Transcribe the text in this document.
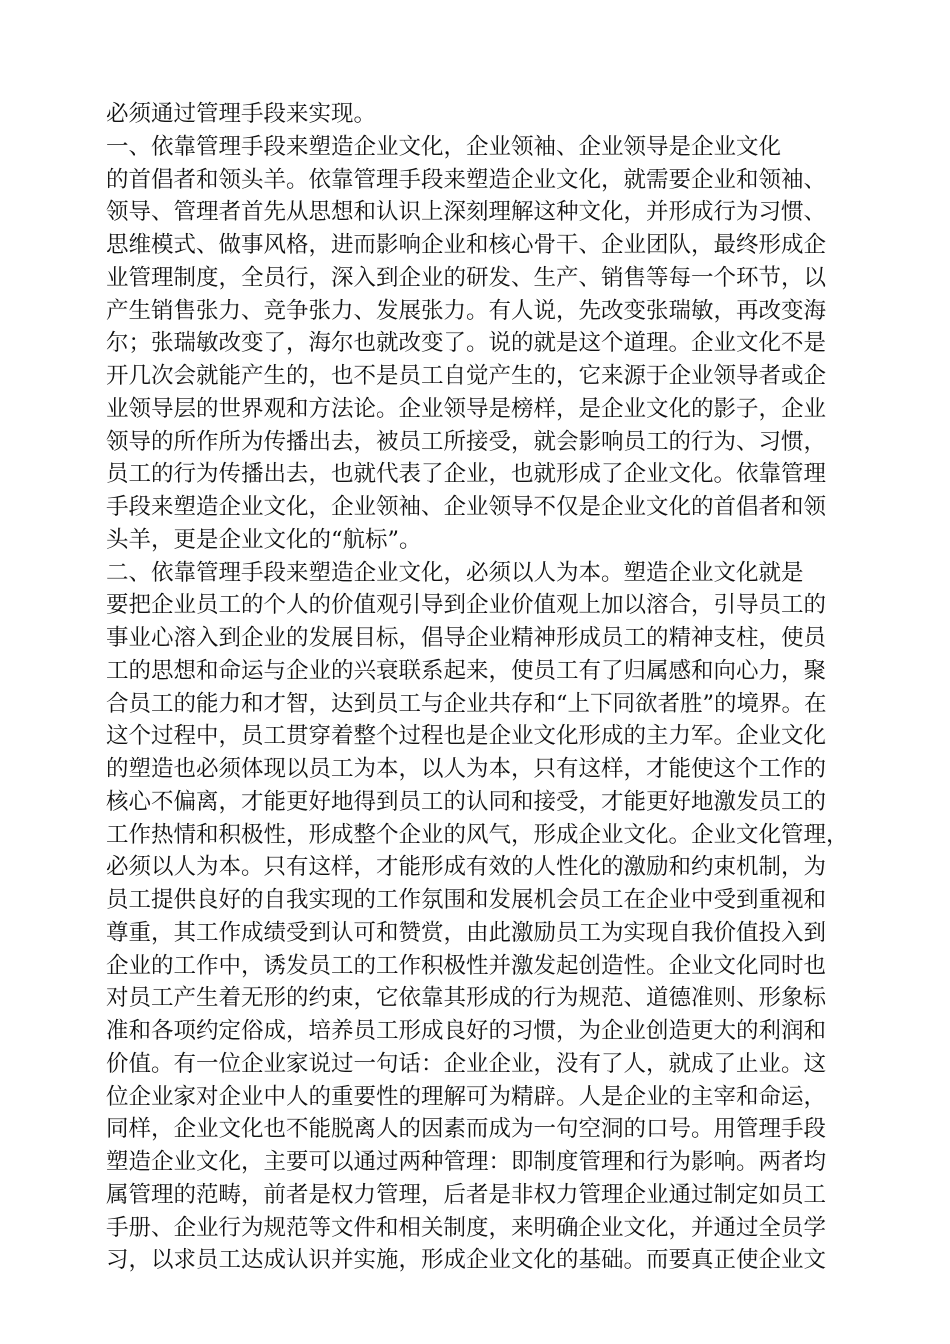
必须通过管理手段来实现。
一、依靠管理手段来塑造企业文化，企业领袖、企业领导是企业文化
的首倡者和领头羊。依靠管理手段来塑造企业文化，就需要企业和领袖、
领导、管理者首先从思想和认识上深刻理解这种文化，并形成行为习惯、
思维模式、做事风格，进而影响企业和核心骨干、企业团队，最终形成企
业管理制度，全员行，深入到企业的研发、生产、销售等每一个环节，以
产生销售张力、竞争张力、发展张力。有人说，先改变张瑞敏，再改变海
尔；张瑞敏改变了，海尔也就改变了。说的就是这个道理。企业文化不是
开几次会就能产生的，也不是员工自觉产生的，它来源于企业领导者或企
业领导层的世界观和方法论。企业领导是榜样，是企业文化的影子，企业
领导的所作所为传播出去，被员工所接受，就会影响员工的行为、习惯，
员工的行为传播出去，也就代表了企业，也就形成了企业文化。依靠管理
手段来塑造企业文化，企业领袖、企业领导不仅是企业文化的首倡者和领
头羊，更是企业文化的“航标”。
二、依靠管理手段来塑造企业文化，必须以人为本。塑造企业文化就是
要把企业员工的个人的价值观引导到企业价值观上加以溶合，引导员工的
事业心溶入到企业的发展目标，倡导企业精神形成员工的精神支柱，使员
工的思想和命运与企业的兴衰联系起来，使员工有了归属感和向心力，聚
合员工的能力和才智，达到员工与企业共存和“上下同欲者胜”的境界。在
这个过程中，员工贯穿着整个过程也是企业文化形成的主力军。企业文化
的塑造也必须体现以员工为本，以人为本，只有这样，才能使这个工作的
核心不偏离，才能更好地得到员工的认同和接受，才能更好地激发员工的
工作热情和积极性，形成整个企业的风气，形成企业文化。企业文化管理，
必须以人为本。只有这样，才能形成有效的人性化的激励和约束机制，为
员工提供良好的自我实现的工作氛围和发展机会员工在企业中受到重视和
尊重，其工作成绩受到认可和赞赏，由此激励员工为实现自我价值投入到
企业的工作中，诱发员工的工作积极性并激发起创造性。企业文化同时也
对员工产生着无形的约束，它依靠其形成的行为规范、道德准则、形象标
准和各项约定俗成，培养员工形成良好的习惯，为企业创造更大的利润和
价值。有一位企业家说过一句话：企业企业，没有了人，就成了止业。这
位企业家对企业中人的重要性的理解可为精辟。人是企业的主宰和命运，
同样，企业文化也不能脱离人的因素而成为一句空洞的口号。用管理手段
塑造企业文化，主要可以通过两种管理：即制度管理和行为影响。两者均
属管理的范畴，前者是权力管理，后者是非权力管理企业通过制定如员工
手册、企业行为规范等文件和相关制度，来明确企业文化，并通过全员学
习，以求员工达成认识并实施，形成企业文化的基础。而要真正使企业文
